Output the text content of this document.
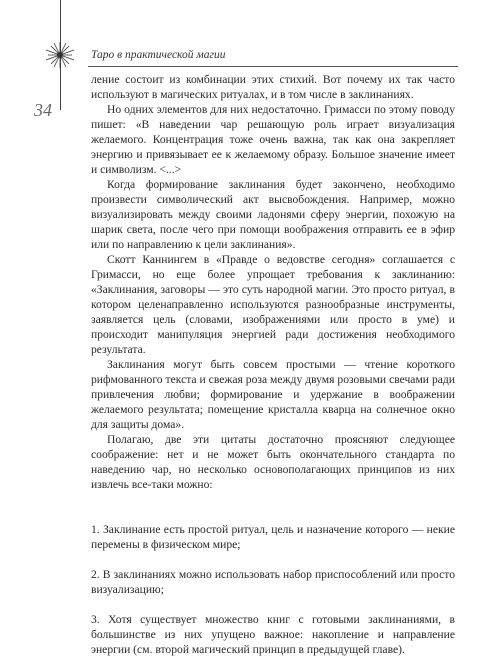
Таро в практической магии
34

ление состоит из комбинации этих стихий. Вот почему их так часто используют в магических ритуалах, и в том числе в заклинаниях.

Но одних элементов для них недостаточно. Гримасси по этому поводу пишет: «В наведении чар решающую роль играет визуализация желаемого. Концентрация тоже очень важна, так как она закрепляет энергию и привязывает ее к желаемому образу. Большое значение имеет и символизм. <...>

Когда формирование заклинания будет закончено, необходимо произвести символический акт высвобождения. Например, можно визуализировать между своими ладонями сферу энергии, похожую на шарик света, после чего при помощи воображения отправить ее в эфир или по направлению к цели заклинания».

Скотт Каннингем в «Правде о ведовстве сегодня» соглашается с Гримасси, но еще более упрощает требования к заклинанию: «Заклинания, заговоры — это суть народной магии. Это просто ритуал, в котором целенаправленно используются разнообразные инструменты, заявляется цель (словами, изображениями или просто в уме) и происходит манипуляция энергией ради достижения необходимого результата.

Заклинания могут быть совсем простыми — чтение короткого рифмованного текста и свежая роза между двумя розовыми свечами ради привлечения любви; формирование и удержание в воображении желаемого результата; помещение кристалла кварца на солнечное окно для защиты дома».

Полагаю, две эти цитаты достаточно проясняют следующее соображение: нет и не может быть окончательного стандарта по наведению чар, но несколько основополагающих принципов из них извлечь все-таки можно:

1. Заклинание есть простой ритуал, цель и назначение которого — некие перемены в физическом мире;

2. В заклинаниях можно использовать набор приспособлений или просто визуализацию;

3. Хотя существует множество книг с готовыми заклинаниями, в большинстве из них упущено важное: накопление и направление энергии (см. второй магический принцип в предыдущей главе).
